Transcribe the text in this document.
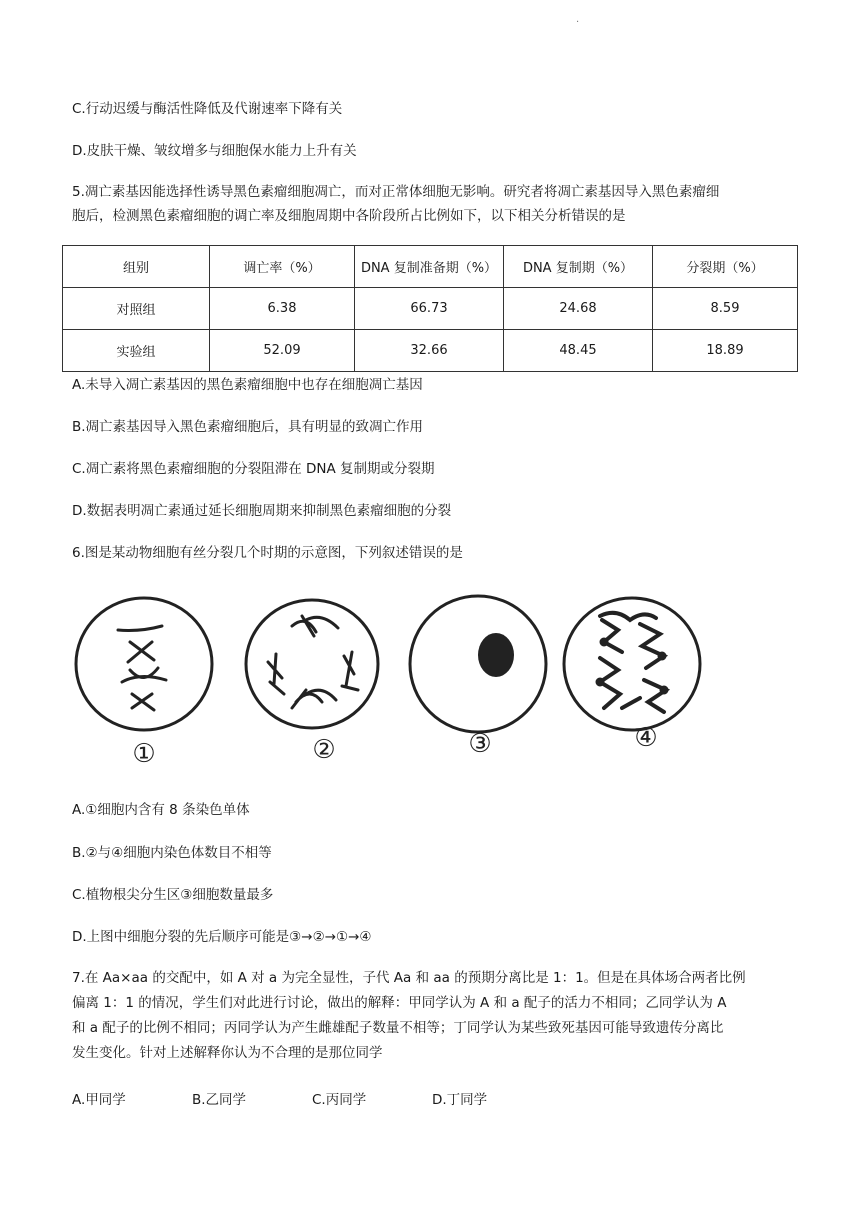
.
C.行动迟缓与酶活性降低及代谢速率下降有关
D.皮肤干燥、皱纹增多与细胞保水能力上升有关
5.凋亡素基因能选择性诱导黑色素瘤细胞凋亡，而对正常体细胞无影响。研究者将凋亡素基因导入黑色素瘤细
胞后，检测黑色素瘤细胞的调亡率及细胞周期中各阶段所占比例如下，以下相关分析错误的是
组别	调亡率（%）	DNA 复制准备期（%）	DNA 复制期（%）	分裂期（%）
对照组	6.38	66.73	24.68	8.59
实验组	52.09	32.66	48.45	18.89
A.未导入凋亡素基因的黑色素瘤细胞中也存在细胞凋亡基因
B.凋亡素基因导入黑色素瘤细胞后，具有明显的致凋亡作用
C.凋亡素将黑色素瘤细胞的分裂阻滞在 DNA 复制期或分裂期
D.数据表明凋亡素通过延长细胞周期来抑制黑色素瘤细胞的分裂
6.图是某动物细胞有丝分裂几个时期的示意图，下列叙述错误的是
①	②	③	④
A.①细胞内含有 8 条染色单体
B.②与④细胞内染色体数目不相等
C.植物根尖分生区③细胞数量最多
D.上图中细胞分裂的先后顺序可能是③→②→①→④
7.在 Aa×aa 的交配中，如 A 对 a 为完全显性，子代 Aa 和 aa 的预期分离比是 1：1。但是在具体场合两者比例
偏离 1：1 的情况，学生们对此进行讨论，做出的解释：甲同学认为 A 和 a 配子的活力不相同；乙同学认为 A
和 a 配子的比例不相同；丙同学认为产生雌雄配子数量不相等；丁同学认为某些致死基因可能导致遗传分离比
发生变化。针对上述解释你认为不合理的是那位同学
A.甲同学	B.乙同学	C.丙同学	D.丁同学
